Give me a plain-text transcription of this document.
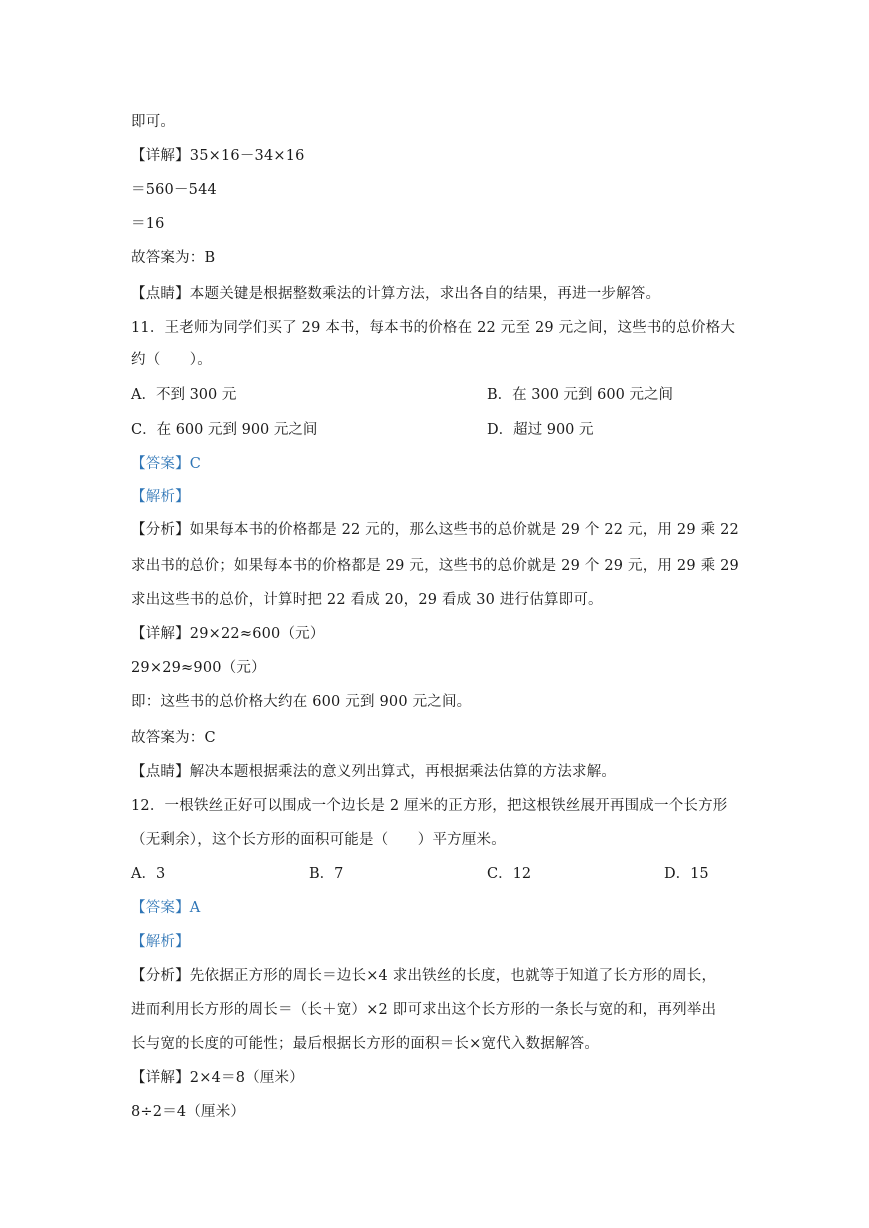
即可。
【详解】35×16－34×16
＝560－544
＝16
故答案为：B
【点睛】本题关键是根据整数乘法的计算方法，求出各自的结果，再进一步解答。
11．王老师为同学们买了 29 本书，每本书的价格在 22 元至 29 元之间，这些书的总价格大
约（　　）。
A．不到 300 元	B．在 300 元到 600 元之间
C．在 600 元到 900 元之间	D．超过 900 元
【答案】C
【解析】
【分析】如果每本书的价格都是 22 元的，那么这些书的总价就是 29 个 22 元，用 29 乘 22
求出书的总价；如果每本书的价格都是 29 元，这些书的总价就是 29 个 29 元，用 29 乘 29
求出这些书的总价，计算时把 22 看成 20，29 看成 30 进行估算即可。
【详解】29×22≈600（元）
29×29≈900（元）
即：这些书的总价格大约在 600 元到 900 元之间。
故答案为：C
【点睛】解决本题根据乘法的意义列出算式，再根据乘法估算的方法求解。
12．一根铁丝正好可以围成一个边长是 2 厘米的正方形，把这根铁丝展开再围成一个长方形
（无剩余），这个长方形的面积可能是（　　）平方厘米。
A．3	B．7	C．12	D．15
【答案】A
【解析】
【分析】先依据正方形的周长＝边长×4 求出铁丝的长度，也就等于知道了长方形的周长，
进而利用长方形的周长＝（长＋宽）×2 即可求出这个长方形的一条长与宽的和，再列举出
长与宽的长度的可能性；最后根据长方形的面积＝长×宽代入数据解答。
【详解】2×4＝8（厘米）
8÷2＝4（厘米）
